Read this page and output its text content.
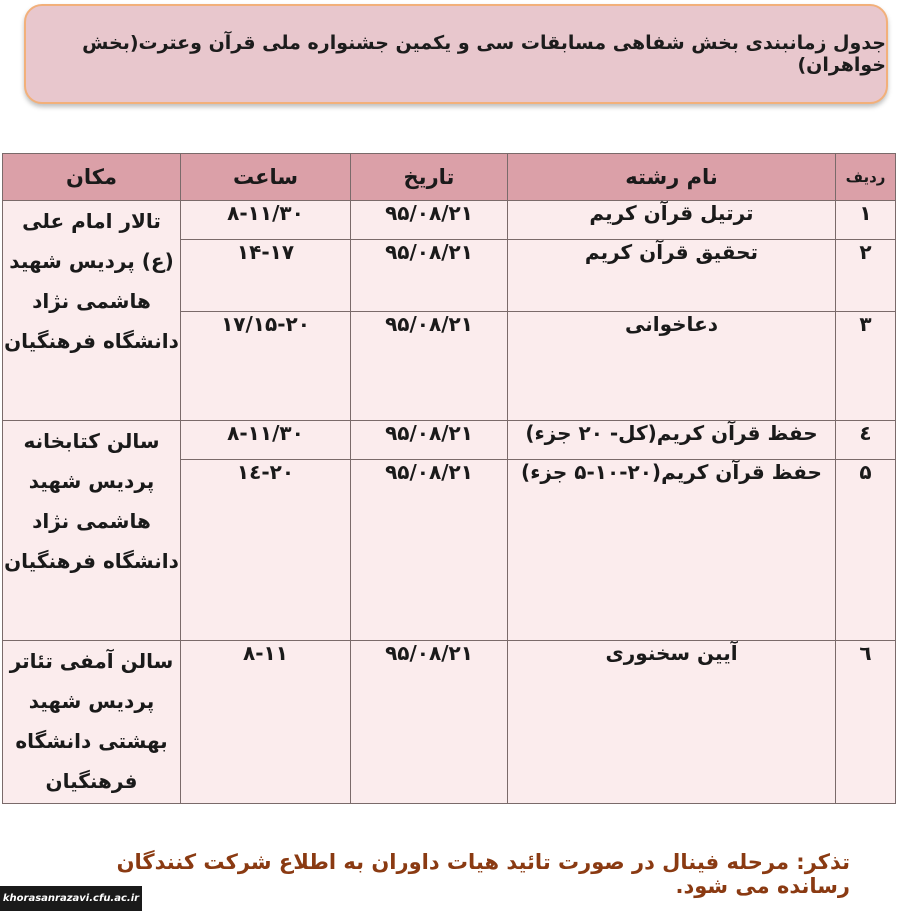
جدول زمانبندی بخش شفاهی مسابقات سی و یکمین جشنواره ملی قرآن وعترت(بخش خواهران)
ردیف	نام رشته	تاریخ	ساعت	مکان
۱	ترتیل قرآن کریم	۹۵/۰۸/۲۱	۸-۱۱/۳۰	تالار امام علی (ع) پردیس شهید هاشمی نژاد دانشگاه فرهنگیان
۲	تحقیق قرآن کریم	۹۵/۰۸/۲۱	۱۴-۱۷	
۳	دعاخوانی	۹۵/۰۸/۲۱	۱۷/۱۵-۲۰	
٤	حفظ قرآن کریم(کل- ۲۰ جزء)	۹۵/۰۸/۲۱	۸-۱۱/۳۰	سالن کتابخانه پردیس شهید هاشمی نژاد دانشگاه فرهنگیان
۵	حفظ قرآن کریم(۲۰-۱۰-۵ جزء)	۹۵/۰۸/۲۱	۱٤-۲۰	
٦	آیین سخنوری	۹۵/۰۸/۲۱	۸-۱۱	سالن آمفی تئاتر پردیس شهید بهشتی دانشگاه فرهنگیان
تذکر: مرحله فینال در صورت تائید هیات داوران به اطلاع شرکت کنندگان رسانده می شود.
khorasanrazavi.cfu.ac.ir
